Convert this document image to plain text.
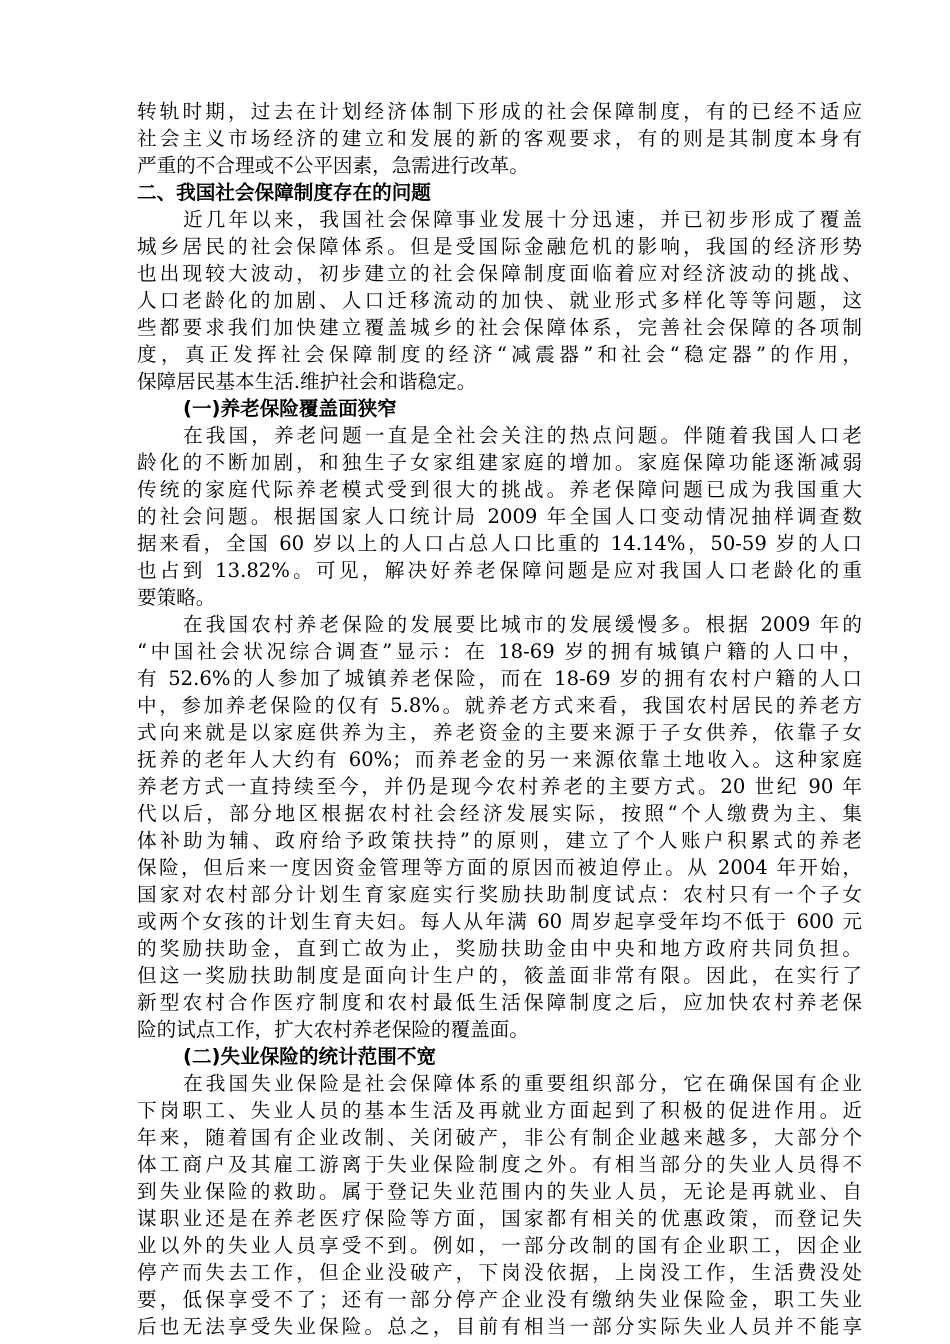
转轨时期，过去在计划经济体制下形成的社会保障制度，有的已经不适应
社会主义市场经济的建立和发展的新的客观要求，有的则是其制度本身有
严重的不合理或不公平因素，急需进行改革。
二、我国社会保障制度存在的问题
近几年以来，我国社会保障事业发展十分迅速，并已初步形成了覆盖
城乡居民的社会保障体系。但是受国际金融危机的影响，我国的经济形势
也出现较大波动，初步建立的社会保障制度面临着应对经济波动的挑战、
人口老龄化的加剧、人口迁移流动的加快、就业形式多样化等等问题，这
些都要求我们加快建立覆盖城乡的社会保障体系，完善社会保障的各项制
度，真正发挥社会保障制度的经济“减震器”和社会“稳定器”的作用，
保障居民基本生活.维护社会和谐稳定。
(一)养老保险覆盖面狭窄
在我国，养老问题一直是全社会关注的热点问题。伴随着我国人口老
龄化的不断加剧，和独生子女家组建家庭的增加。家庭保障功能逐渐减弱
传统的家庭代际养老模式受到很大的挑战。养老保障问题已成为我国重大
的社会问题。根据国家人口统计局 2009 年全国人口变动情况抽样调查数
据来看，全国 60 岁以上的人口占总人口比重的 14.14%，50-59 岁的人口
也占到 13.82%。可见，解决好养老保障问题是应对我国人口老龄化的重
要策略。
在我国农村养老保险的发展要比城市的发展缓慢多。根据 2009 年的
“中国社会状况综合调查”显示：在 18-69 岁的拥有城镇户籍的人口中，
有 52.6%的人参加了城镇养老保险，而在 18-69 岁的拥有农村户籍的人口
中，参加养老保险的仅有 5.8%。就养老方式来看，我国农村居民的养老方
式向来就是以家庭供养为主，养老资金的主要来源于子女供养，依靠子女
抚养的老年人大约有 60%；而养老金的另一来源依靠土地收入。这种家庭
养老方式一直持续至今，并仍是现今农村养老的主要方式。20 世纪 90 年
代以后，部分地区根据农村社会经济发展实际，按照“个人缴费为主、集
体补助为辅、政府给予政策扶持”的原则，建立了个人账户积累式的养老
保险，但后来一度因资金管理等方面的原因而被迫停止。从 2004 年开始，
国家对农村部分计划生育家庭实行奖励扶助制度试点：农村只有一个子女
或两个女孩的计划生育夫妇。每人从年满 60 周岁起享受年均不低于 600 元
的奖励扶助金，直到亡故为止，奖励扶助金由中央和地方政府共同负担。
但这一奖励扶助制度是面向计生户的，筱盖面非常有限。因此，在实行了
新型农村合作医疗制度和农村最低生活保障制度之后，应加快农村养老保
险的试点工作，扩大农村养老保险的覆盖面。
(二)失业保险的统计范围不宽
在我国失业保险是社会保障体系的重要组织部分，它在确保国有企业
下岗职工、失业人员的基本生活及再就业方面起到了积极的促进作用。近
年来，随着国有企业改制、关闭破产，非公有制企业越来越多，大部分个
体工商户及其雇工游离于失业保险制度之外。有相当部分的失业人员得不
到失业保险的救助。属于登记失业范围内的失业人员，无论是再就业、自
谋职业还是在养老医疗保险等方面，国家都有相关的优惠政策，而登记失
业以外的失业人员享受不到。例如，一部分改制的国有企业职工，因企业
停产而失去工作，但企业没破产，下岗没依据，上岗没工作，生活费没处
要，低保享受不了；还有一部分停产企业没有缴纳失业保险金，职工失业
后也无法享受失业保险。总之，目前有相当一部分实际失业人员并不能享
